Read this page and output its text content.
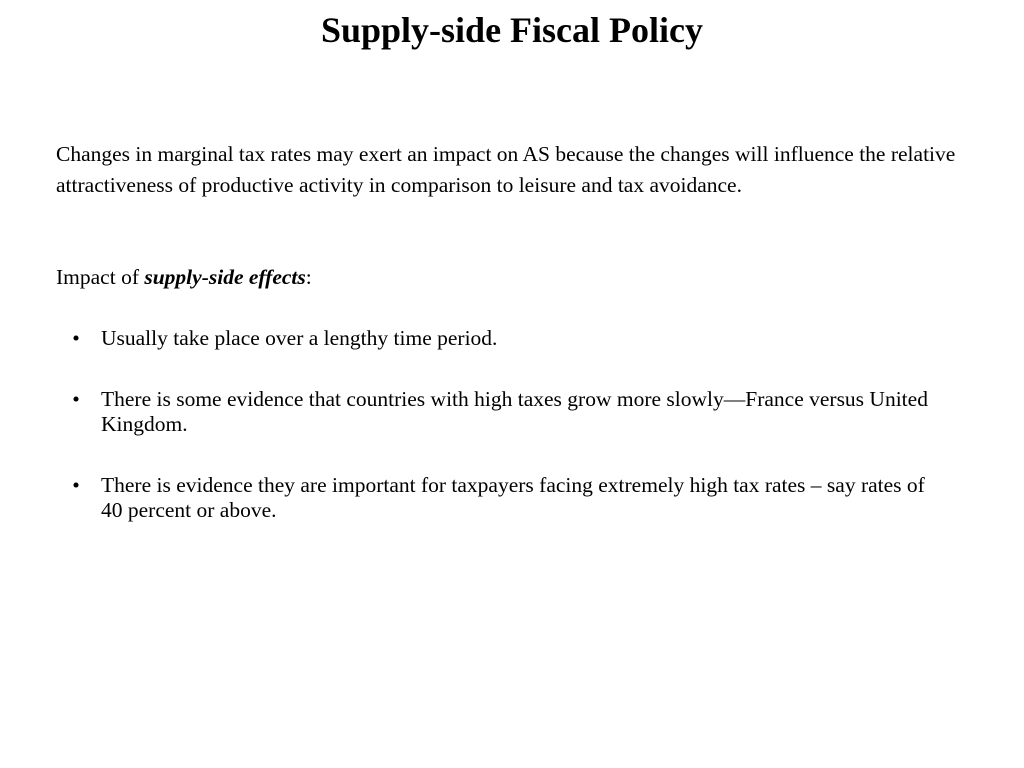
Supply-side Fiscal Policy

Changes in marginal tax rates may exert an impact on AS because the changes will influence the relative attractiveness of productive activity in comparison to leisure and tax avoidance.

Impact of supply-side effects:

• Usually take place over a lengthy time period.
• There is some evidence that countries with high taxes grow more slowly—France versus United Kingdom.
• There is evidence they are important for taxpayers facing extremely high tax rates – say rates of 40 percent or above.
